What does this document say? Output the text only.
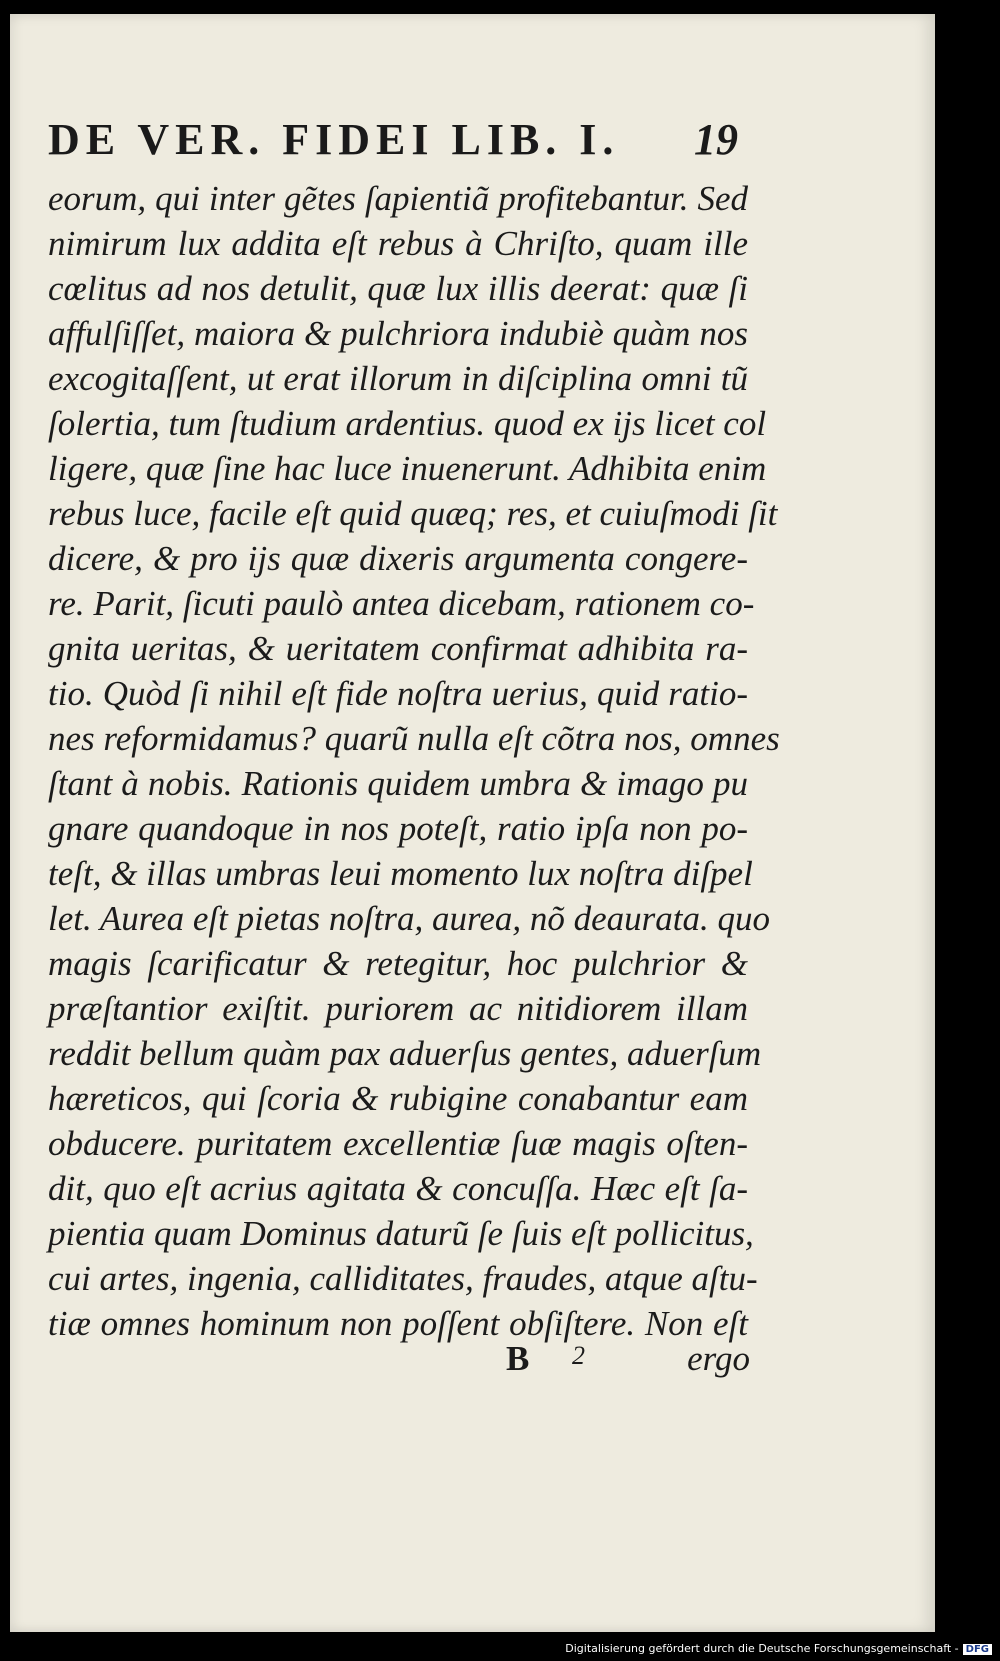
DE VER. FIDEI LIB. I. 19
eorum, qui inter gẽtes ſapientiã profitebantur. Sed
nimirum lux addita eſt rebus à Chriſto, quam ille
cœlitus ad nos detulit, quæ lux illis deerat: quæ ſi
affulſiſſet, maiora & pulchriora indubiè quàm nos
excogitaſſent, ut erat illorum in diſciplina omni tũ
ſolertia, tum ſtudium ardentius. quod ex ijs licet col
ligere, quæ ſine hac luce inuenerunt. Adhibita enim
rebus luce, facile eſt quid quæq; res, et cuiuſmodi ſit
dicere, & pro ijs quæ dixeris argumenta congere-
re. Parit, ſicuti paulò antea dicebam, rationem co-
gnita ueritas, & ueritatem confirmat adhibita ra-
tio. Quòd ſi nihil eſt fide noſtra uerius, quid ratio-
nes reformidamus? quarũ nulla eſt cõtra nos, omnes
ſtant à nobis. Rationis quidem umbra & imago pu
gnare quandoque in nos poteſt, ratio ipſa non po-
teſt, & illas umbras leui momento lux noſtra diſpel
let. Aurea eſt pietas noſtra, aurea, nõ deaurata. quo
magis ſcarificatur & retegitur, hoc pulchrior &
præſtantior exiſtit. puriorem ac nitidiorem illam
reddit bellum quàm pax aduerſus gentes, aduerſum
hæreticos, qui ſcoria & rubigine conabantur eam
obducere. puritatem excellentiæ ſuæ magis oſten-
dit, quo eſt acrius agitata & concuſſa. Hæc eſt ſa-
pientia quam Dominus daturũ ſe ſuis eſt pollicitus,
cui artes, ingenia, calliditates, fraudes, atque aſtu-
tiæ omnes hominum non poſſent obſiſtere. Non eſt
B 2	ergo
Digitalisierung gefördert durch die Deutsche Forschungsgemeinschaft - DFG
